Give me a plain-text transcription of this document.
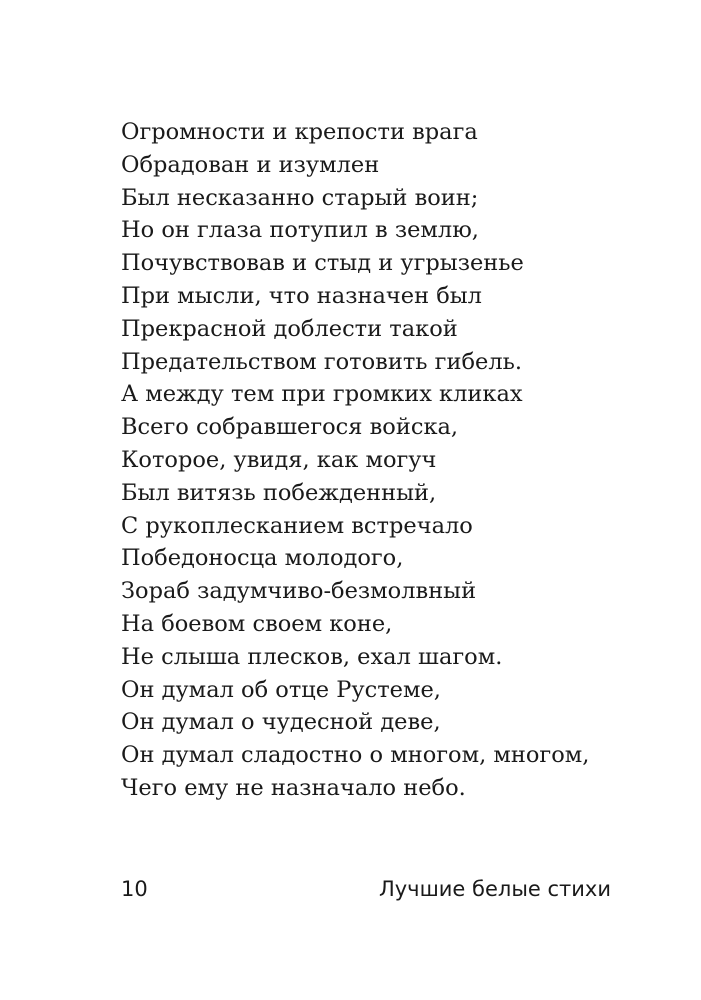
Огромности и крепости врага
Обрадован и изумлен
Был несказанно старый воин;
Но он глаза потупил в землю,
Почувствовав и стыд и угрызенье
При мысли, что назначен был
Прекрасной доблести такой
Предательством готовить гибель.
А между тем при громких кликах
Всего собравшегося войска,
Которое, увидя, как могуч
Был витязь побежденный,
С рукоплесканием встречало
Победоносца молодого,
Зораб задумчиво-безмолвный
На боевом своем коне,
Не слыша плесков, ехал шагом.
Он думал об отце Рустеме,
Он думал о чудесной деве,
Он думал сладостно о многом, многом,
Чего ему не назначало небо.
10	Лучшие белые стихи
